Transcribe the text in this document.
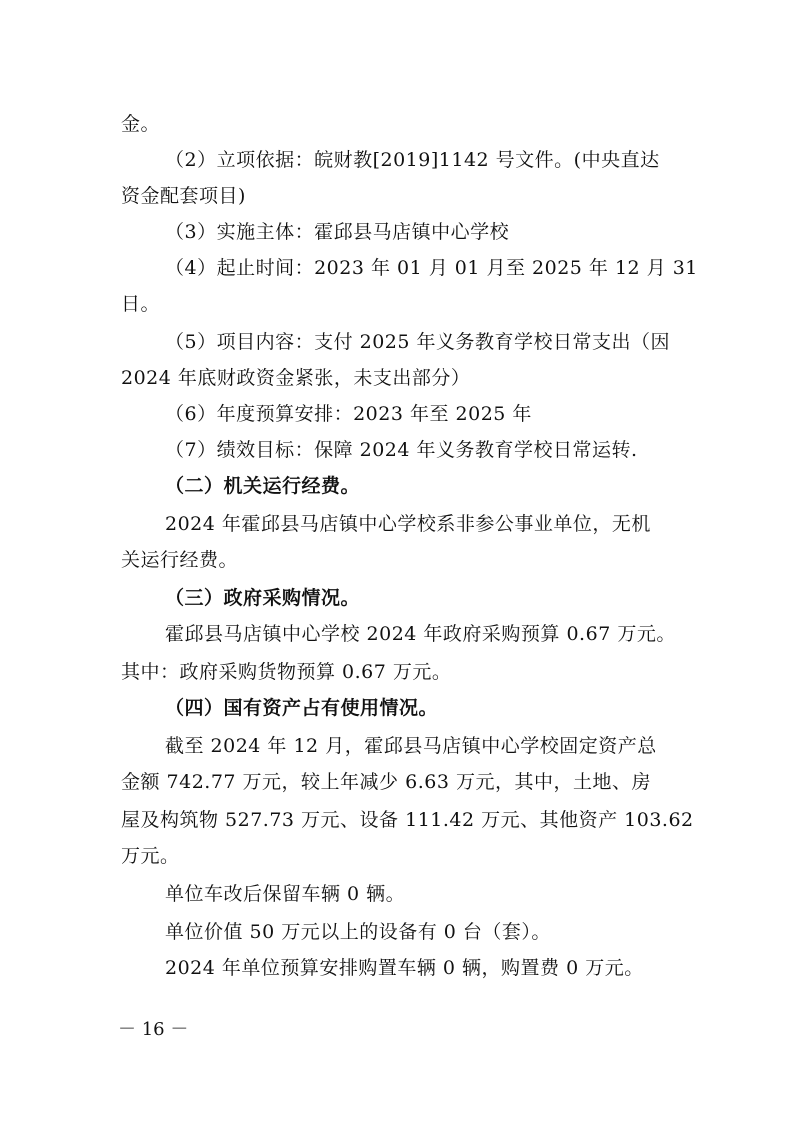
金。
（2）立项依据：皖财教[2019]1142 号文件。(中央直达
资金配套项目)
（3）实施主体：霍邱县马店镇中心学校
（4）起止时间：2023 年 01 月 01 月至 2025 年 12 月 31
日。
（5）项目内容：支付 2025 年义务教育学校日常支出（因
2024 年底财政资金紧张，未支出部分）
（6）年度预算安排：2023 年至 2025 年
（7）绩效目标：保障 2024 年义务教育学校日常运转.
（二）机关运行经费。
2024 年霍邱县马店镇中心学校系非参公事业单位，无机
关运行经费。
（三）政府采购情况。
霍邱县马店镇中心学校 2024 年政府采购预算 0.67 万元。
其中：政府采购货物预算 0.67 万元。
（四）国有资产占有使用情况。
截至 2024 年 12 月，霍邱县马店镇中心学校固定资产总
金额 742.77 万元，较上年减少 6.63 万元，其中，土地、房
屋及构筑物 527.73 万元、设备 111.42 万元、其他资产 103.62
万元。
单位车改后保留车辆 0 辆。
单位价值 50 万元以上的设备有 0 台（套）。
2024 年单位预算安排购置车辆 0 辆，购置费 0 万元。
－ 16 －
